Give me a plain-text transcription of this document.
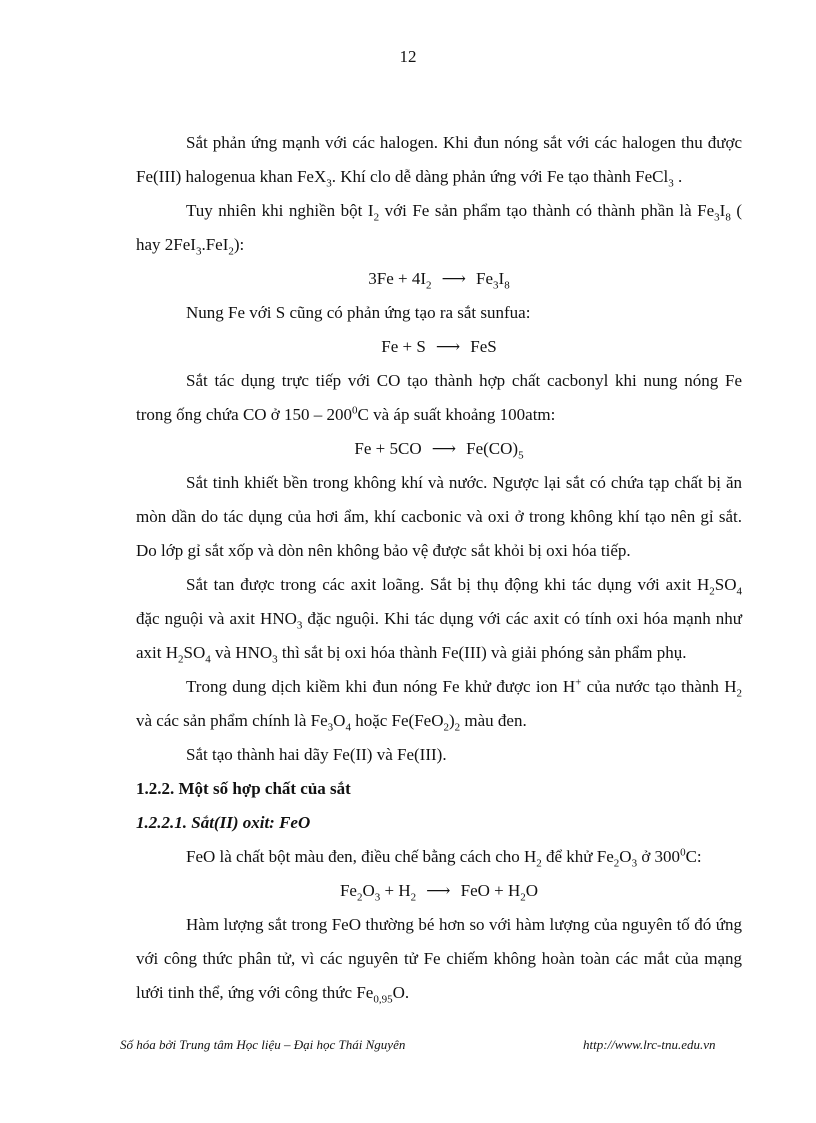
12

Sắt phản ứng mạnh với các halogen. Khi đun nóng sắt với các halogen thu được Fe(III) halogenua khan FeX$_3$. Khí clo dễ dàng phản ứng với Fe tạo thành FeCl$_3$ .

Tuy nhiên khi nghiền bột $I_2$ với Fe sản phẩm tạo thành có thành phần là $Fe_3I_8$ ( hay 2FeI$_3$.FeI$_2$):

$3Fe + 4I_2$ ⟶ $Fe_3I_8$

Nung Fe với S cũng có phản ứng tạo ra sắt sunfua:

Fe + S ⟶ FeS

Sắt tác dụng trực tiếp với CO tạo thành hợp chất cacbonyl khi nung nóng Fe trong ống chứa CO ở $150 - 200^0C$ và áp suất khoảng 100atm:

Fe + 5CO ⟶ $Fe(CO)_5$

Sắt tinh khiết bền trong không khí và nước. Ngược lại sắt có chứa tạp chất bị ăn mòn dần do tác dụng của hơi ẩm, khí cacbonic và oxi ở trong không khí tạo nên gỉ sắt. Do lớp gỉ sắt xốp và dòn nên không bảo vệ được sắt khỏi bị oxi hóa tiếp.

Sắt tan được trong các axit loãng. Sắt bị thụ động khi tác dụng với axit $H_2SO_4$ đặc nguội và axit $HNO_3$ đặc nguội. Khi tác dụng với các axit có tính oxi hóa mạnh như axit $H_2SO_4$ và $HNO_3$ thì sắt bị oxi hóa thành Fe(III) và giải phóng sản phẩm phụ.

Trong dung dịch kiềm khi đun nóng Fe khử được ion H+ của nước tạo thành $H_2$ và các sản phẩm chính là $Fe_3O_4$ hoặc $Fe(FeO_2)_2$ màu đen.

Sắt tạo thành hai dãy Fe(II) và Fe(III).

1.2.2. Một số hợp chất của sắt

1.2.2.1. Sắt(II) oxit: FeO

FeO là chất bột màu đen, điều chế bằng cách cho $H_2$ để khử $Fe_2O_3$ ở $300^0C$:

$Fe_2O_3 + H_2$ ⟶ FeO + $H_2O$

Hàm lượng sắt trong FeO thường bé hơn so với hàm lượng của nguyên tố đó ứng với công thức phân tử, vì các nguyên tử Fe chiếm không hoàn toàn các mắt của mạng lưới tinh thể, ứng với công thức $Fe_{0,95}O$.

Số hóa bởi Trung tâm Học liệu – Đại học Thái Nguyên	http://www.lrc-tnu.edu.vn
